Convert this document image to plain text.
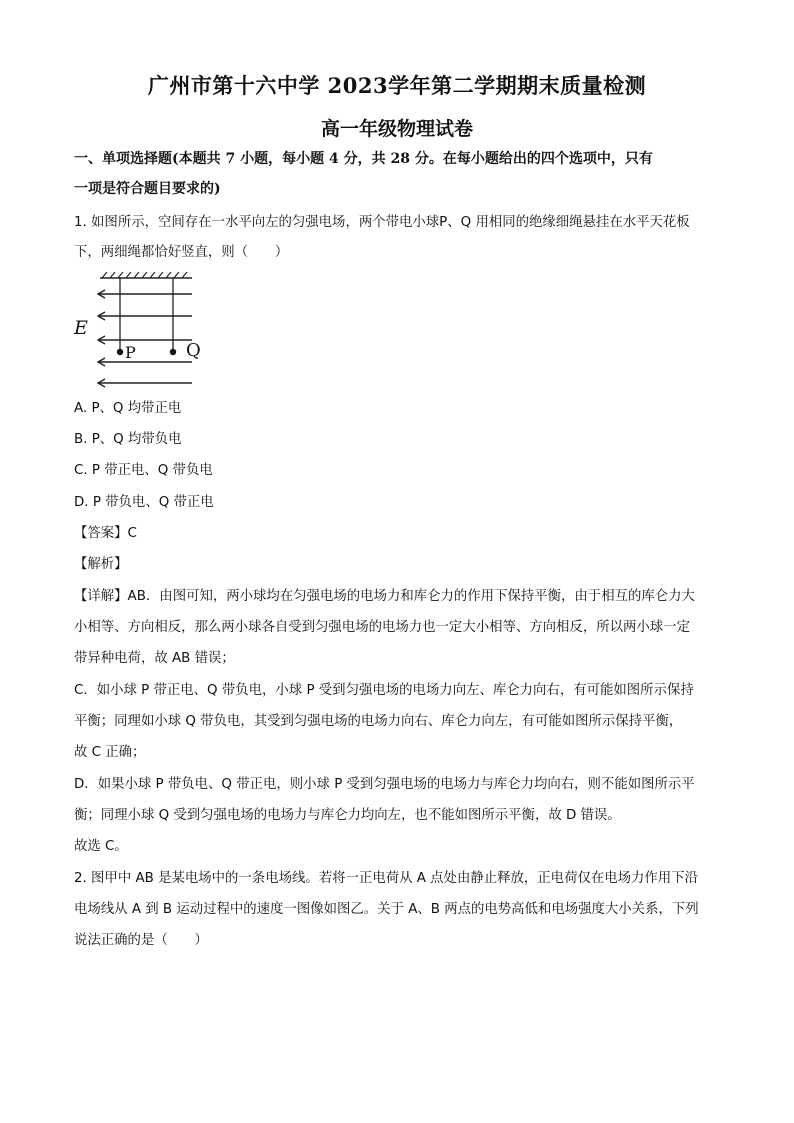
广州市第十六中学 2023学年第二学期期末质量检测
高一年级物理试卷
一、单项选择题(本题共 7 小题，每小题 4 分，共 28 分。在每小题给出的四个选项中，只有
一项是符合题目要求的)
1. 如图所示，空间存在一水平向左的匀强电场，两个带电小球P、Q 用相同的绝缘细绳悬挂在水平天花板
下，两细绳都恰好竖直，则（　　）
E
P	Q
A. P、Q 均带正电
B. P、Q 均带负电
C. P 带正电、Q 带负电
D. P 带负电、Q 带正电
【答案】C
【解析】
【详解】AB．由图可知，两小球均在匀强电场的电场力和库仑力的作用下保持平衡，由于相互的库仑力大
小相等、方向相反，那么两小球各自受到匀强电场的电场力也一定大小相等、方向相反，所以两小球一定
带异种电荷，故 AB 错误；
C．如小球 P 带正电、Q 带负电，小球 P 受到匀强电场的电场力向左、库仑力向右，有可能如图所示保持
平衡；同理如小球 Q 带负电，其受到匀强电场的电场力向右、库仑力向左，有可能如图所示保持平衡，
故 C 正确；
D．如果小球 P 带负电、Q 带正电，则小球 P 受到匀强电场的电场力与库仑力均向右，则不能如图所示平
衡；同理小球 Q 受到匀强电场的电场力与库仑力均向左，也不能如图所示平衡，故 D 错误。
故选 C。
2. 图甲中 AB 是某电场中的一条电场线。若将一正电荷从 A 点处由静止释放，正电荷仅在电场力作用下沿
电场线从 A 到 B 运动过程中的速度一图像如图乙。关于 A、B 两点的电势高低和电场强度大小关系，下列
说法正确的是（　　）
